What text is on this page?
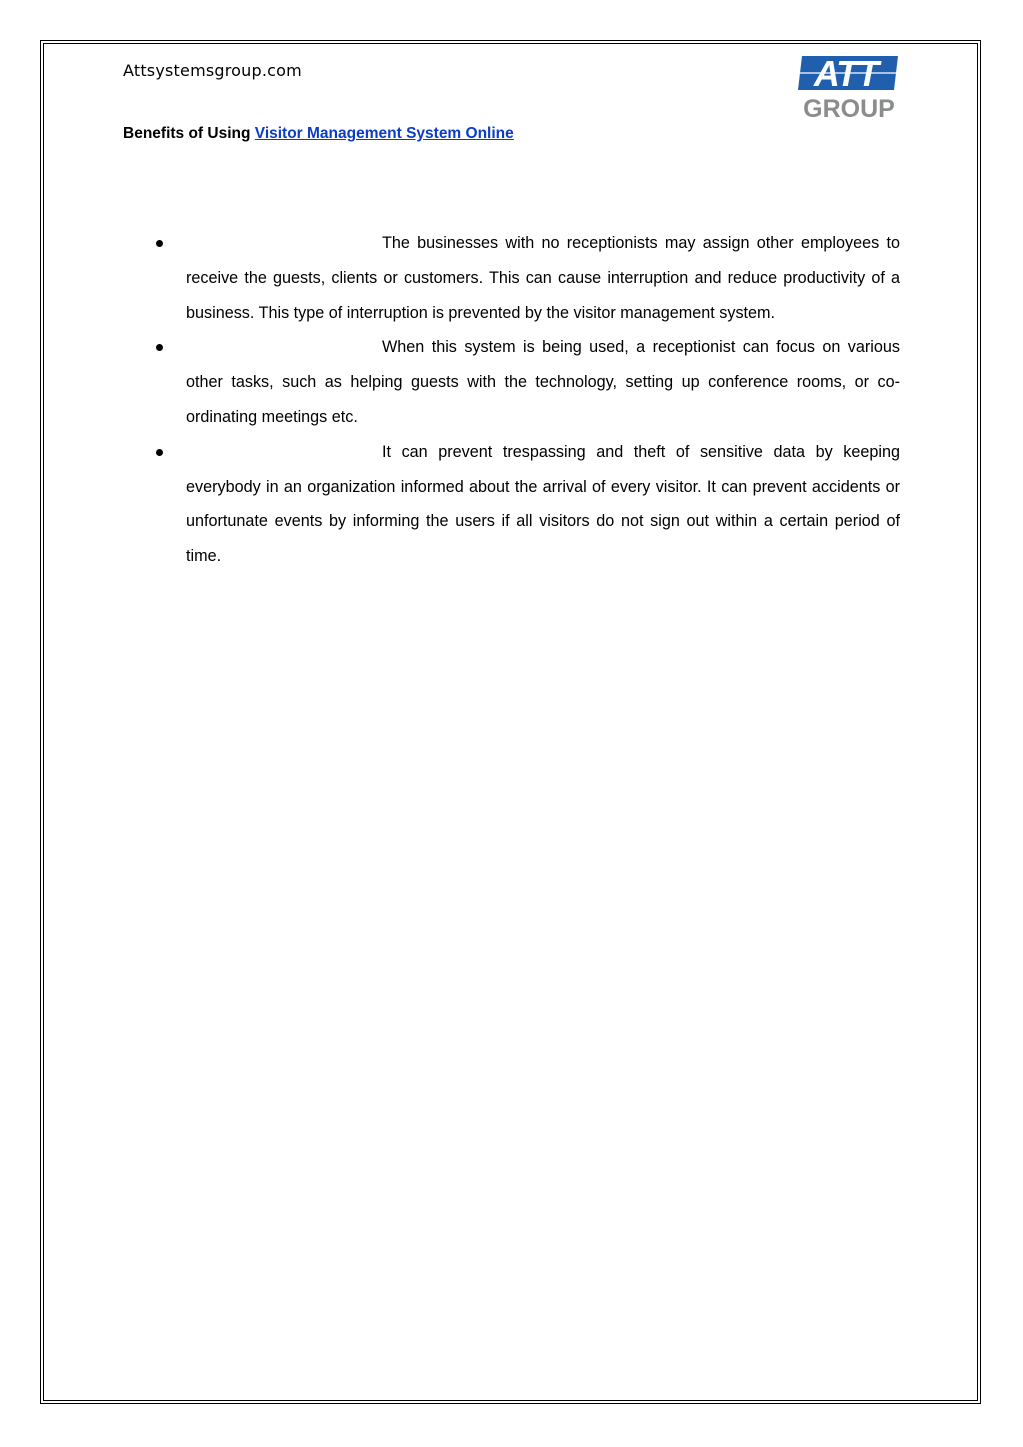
Attsystemsgroup.com	ATT
GROUP
Benefits of Using Visitor Management System Online
The businesses with no receptionists may assign other employees to receive the guests, clients or customers. This can cause interruption and reduce productivity of a business. This type of interruption is prevented by the visitor management system.
When this system is being used, a receptionist can focus on various other tasks, such as helping guests with the technology, setting up conference rooms, or co-ordinating meetings etc.
It can prevent trespassing and theft of sensitive data by keeping everybody in an organization informed about the arrival of every visitor. It can prevent accidents or unfortunate events by informing the users if all visitors do not sign out within a certain period of time.
